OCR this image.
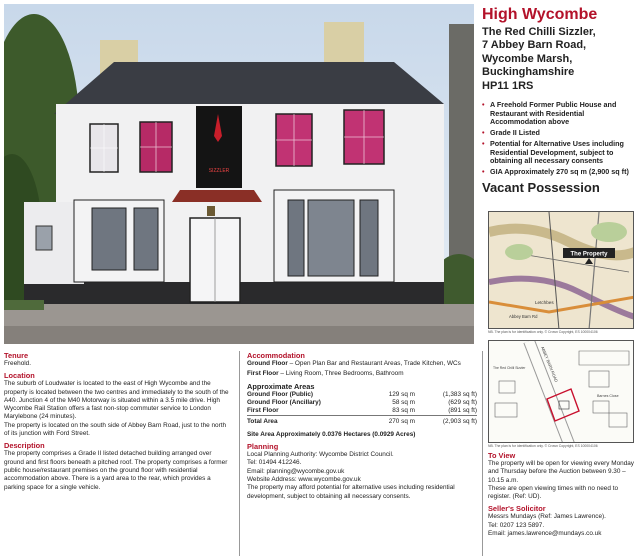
SIZZLER
High Wycombe
The Red Chilli Sizzler,
7 Abbey Barn Road,
Wycombe Marsh,
Buckinghamshire
HP11 1RS
• A Freehold Former Public House and Restaurant with Residential Accommodation above
• Grade II Listed
• Potential for Alternative Uses including Residential Development, subject to obtaining all necessary consents
• GIA Approximately 270 sq m (2,900 sq ft)
Vacant Possession
The Property
Letchbes
Abbey Barn Rd
NB. The plan is for identification only. © Crown Copyright, ES 100004106
ABBEY BARN ROAD
Barnes Close
The Red Chilli Sizzler
NB. The plan is for identification only. © Crown Copyright, ES 100004106
Tenure

Freehold.

Location

The suburb of Loudwater is located to the east of High Wycombe and the property is located between the two centres and immediately to the south of the A40. Junction 4 of the M40 Motorway is situated within a 3.5 mile drive. High Wycombe Rail Station offers a fast non-stop commuter service to London Marylebone (24 minutes).

The property is located on the south side of Abbey Barn Road, just to the north of its junction with Ford Street.

Description

The property comprises a Grade II listed detached building arranged over ground and first floors beneath a pitched roof. The property comprises a former public house/restaurant premises on the ground floor with residential accommodation above. There is a yard area to the rear, which provides a parking space for a single vehicle.

Accommodation

Ground Floor – Open Plan Bar and Restaurant Areas, Trade Kitchen, WCs

First Floor – Living Room, Three Bedrooms, Bathroom

Approximate Areas
Ground Floor (Public)	129 sq m	(1,383 sq ft)
Ground Floor (Ancillary)	58 sq m	(629 sq ft)
First Floor	83 sq m	(891 sq ft)
Total Area	270 sq m	(2,903 sq ft)

Site Area Approximately 0.0376 Hectares (0.0929 Acres)

Planning

Local Planning Authority: Wycombe District Council.

Tel: 01494 412246.

Email: planning@wycombe.gov.uk

Website Address: www.wycombe.gov.uk

The property may afford potential for alternative uses including residential development, subject to obtaining all necessary consents.

To View

The property will be open for viewing every Monday and Thursday before the Auction between 9.30 – 10.15 a.m.

These are open viewing times with no need to register. (Ref: UD).

Seller's Solicitor

Messrs Mundays (Ref: James Lawrence).

Tel: 0207 123 5897.

Email: james.lawrence@mundays.co.uk
